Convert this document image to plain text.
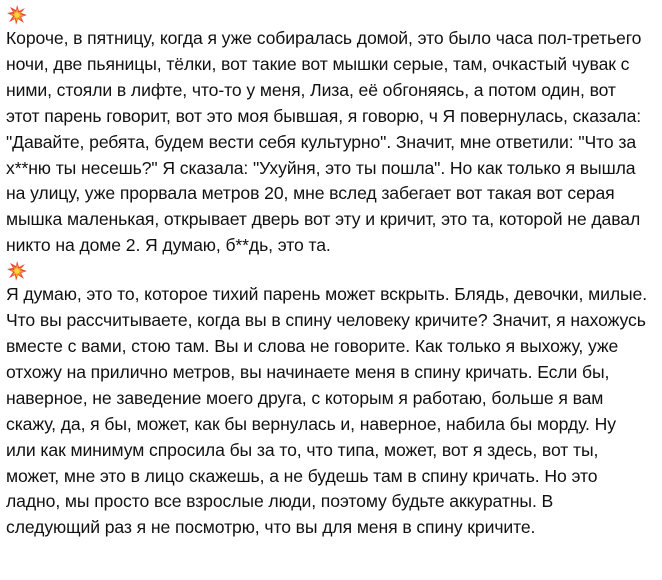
Короче, в пятницу, когда я уже собиралась домой, это было часа пол-третьего ночи, две пьяницы, тёлки, вот такие вот мышки серые, там, очкастый чувак с ними, стояли в лифте, что-то у меня, Лиза, её обгоняясь, а потом один, вот этот парень говорит, вот это моя бывшая, я говорю, ч Я повернулась, сказала: "Давайте, ребята, будем вести себя культурно". Значит, мне ответили: "Что за х**ню ты несешь?" Я сказала: "Ухуйня, это ты пошла". Но как только я вышла на улицу, уже прорвала метров 20, мне вслед забегает вот такая вот серая мышка маленькая, открывает дверь вот эту и кричит, это та, которой не давал никто на доме 2. Я думаю, б**дь, это та.

Я думаю, это то, которое тихий парень может вскрыть. Блядь, девочки, милые. Что вы рассчитываете, когда вы в спину человеку кричите? Значит, я нахожусь вместе с вами, стою там. Вы и слова не говорите. Как только я выхожу, уже отхожу на прилично метров, вы начинаете меня в спину кричать. Если бы, наверное, не заведение моего друга, с которым я работаю, больше я вам скажу, да, я бы, может, как бы вернулась и, наверное, набила бы морду. Ну или как минимум спросила бы за то, что типа, может, вот я здесь, вот ты, может, мне это в лицо скажешь, а не будешь там в спину кричать. Но это ладно, мы просто все взрослые люди, поэтому будьте аккуратны. В следующий раз я не посмотрю, что вы для меня в спину кричите.
